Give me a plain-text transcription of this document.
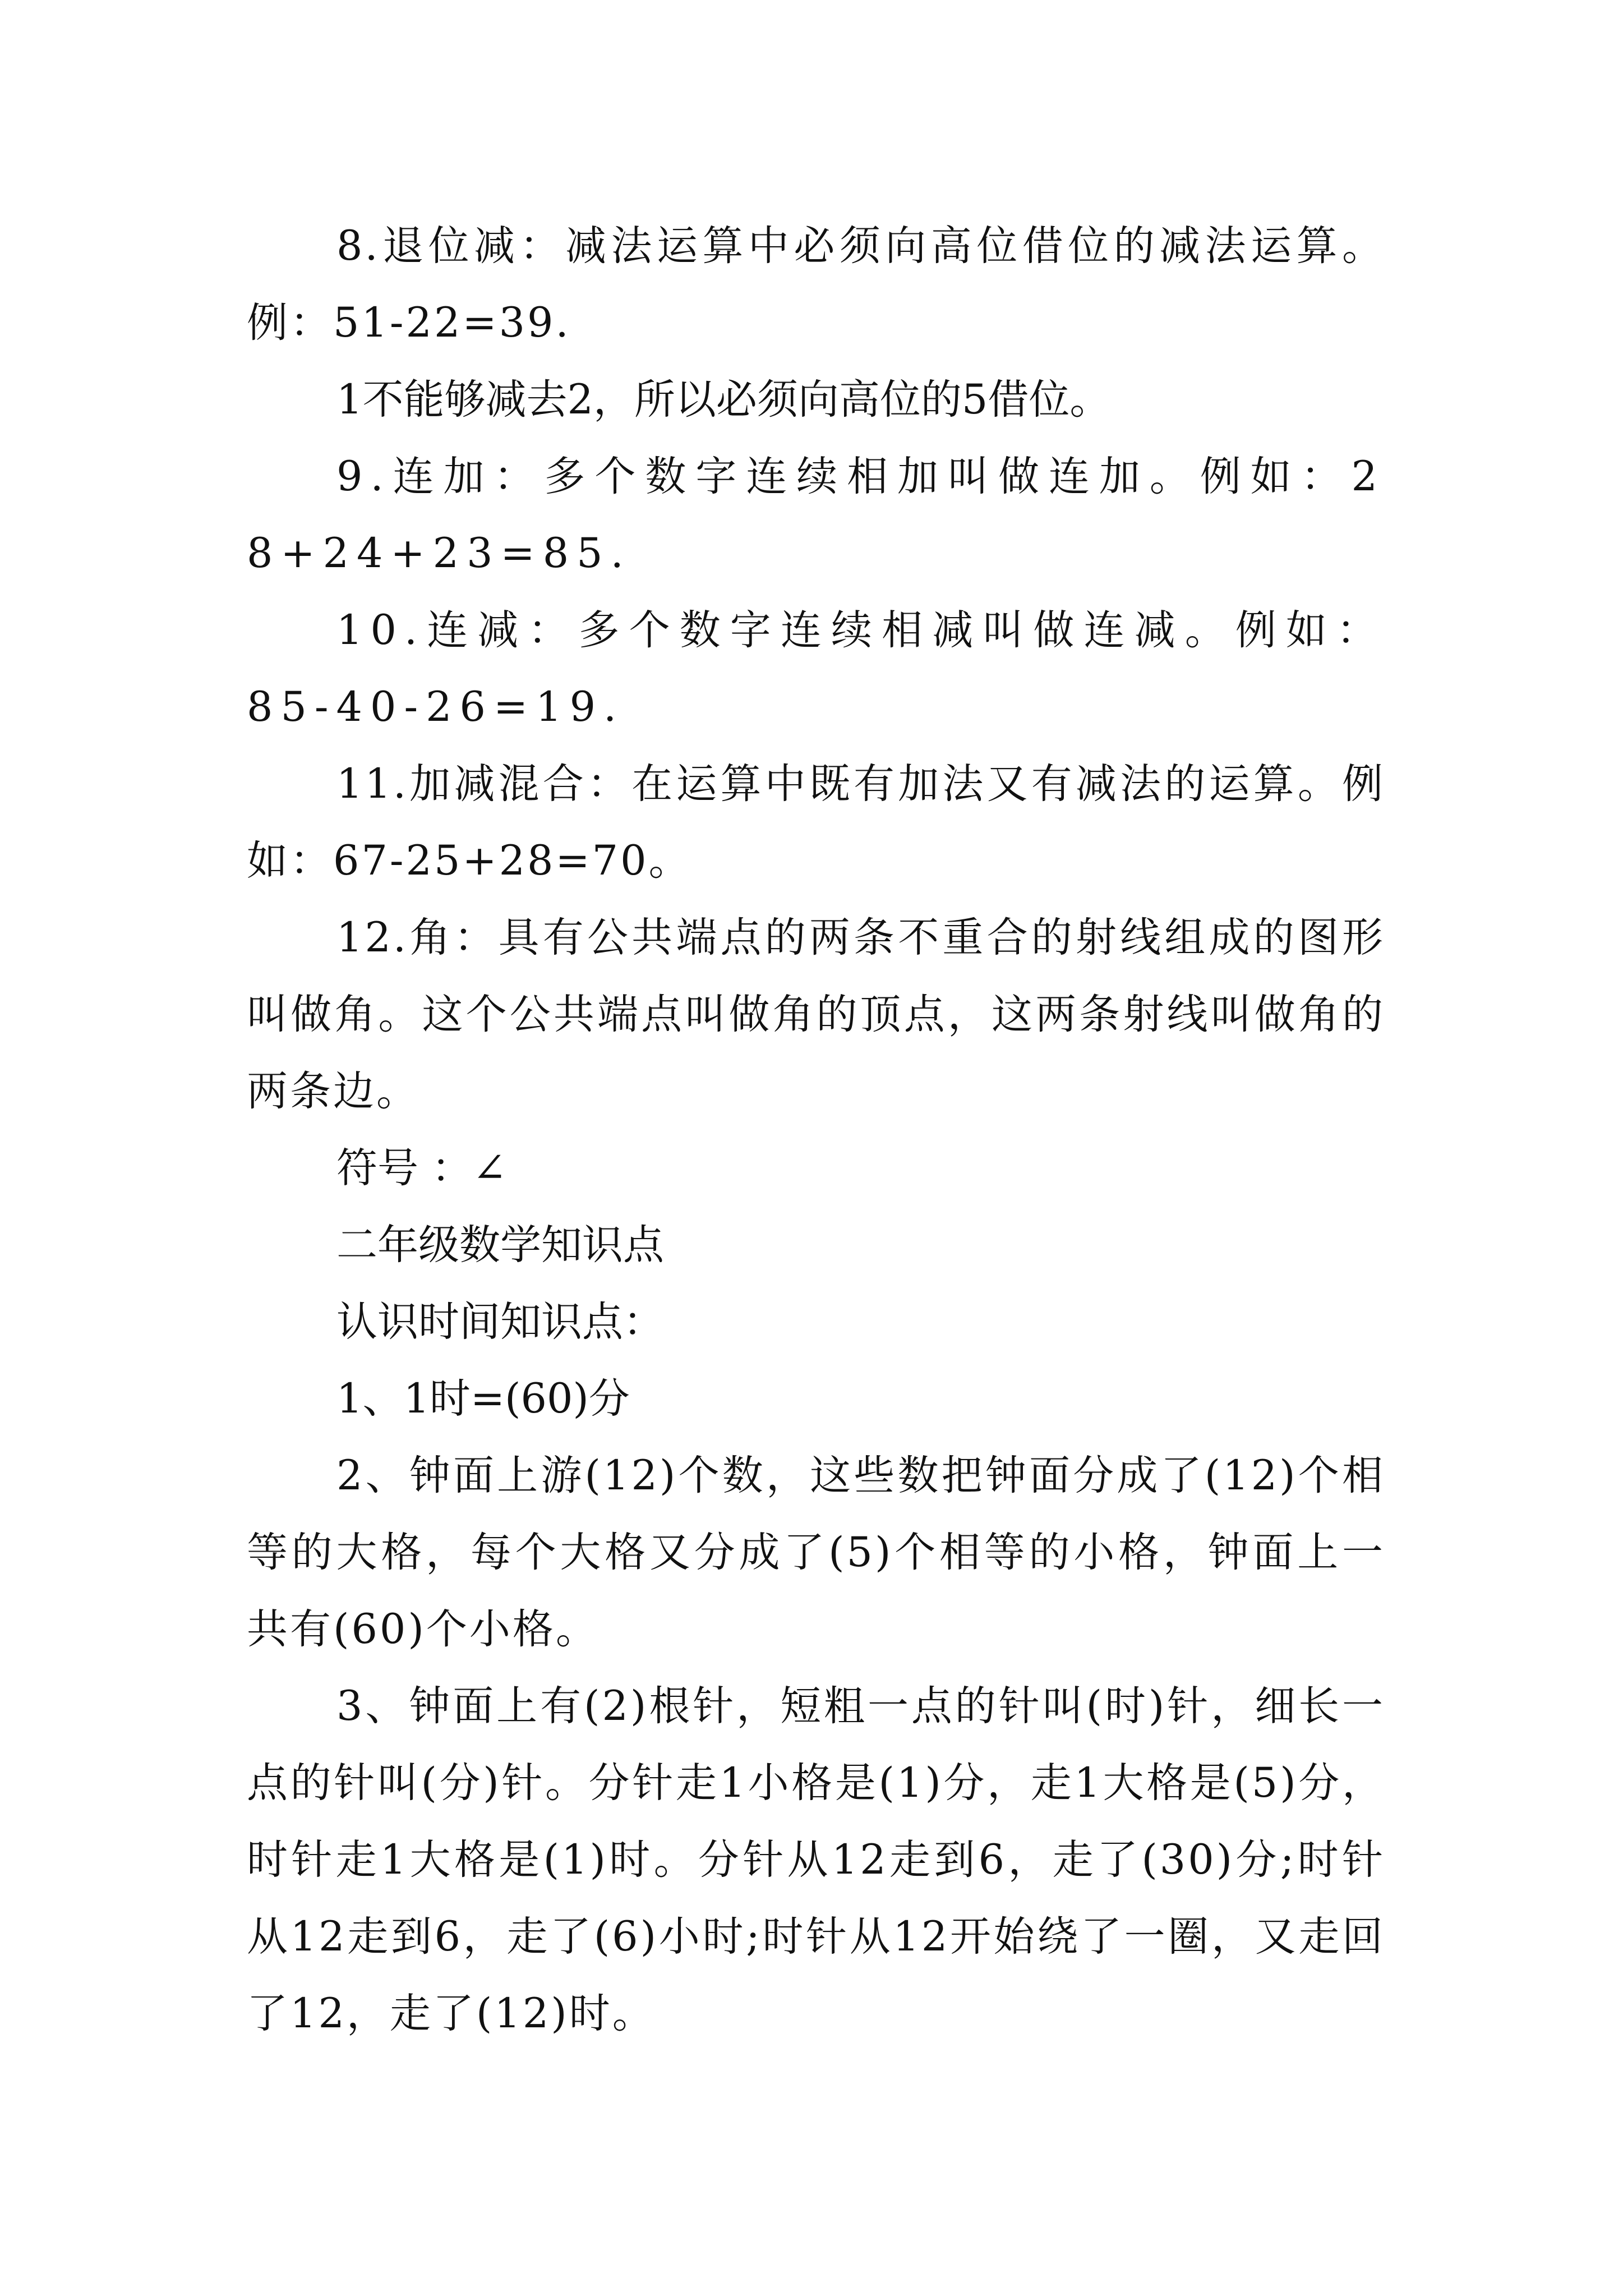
8.退位减：减法运算中必须向高位借位的减法运算。例：51-22=39.

1不能够减去2，所以必须向高位的5借位。

9.连加：多个数字连续相加叫做连加。例如：28+24+23=85.

10.连减：多个数字连续相减叫做连减。例如：85-40-26=19.

11.加减混合：在运算中既有加法又有减法的运算。例如：67-25+28=70。

12.角：具有公共端点的两条不重合的射线组成的图形叫做角。这个公共端点叫做角的顶点，这两条射线叫做角的两条边。

符号 ：∠

二年级数学知识点

认识时间知识点：

1、1时=(60)分

2、钟面上游(12)个数，这些数把钟面分成了(12)个相等的大格，每个大格又分成了(5)个相等的小格，钟面上一共有(60)个小格。

3、钟面上有(2)根针，短粗一点的针叫(时)针，细长一点的针叫(分)针。分针走1小格是(1)分，走1大格是(5)分，时针走1大格是(1)时。分针从12走到6，走了(30)分;时针从12走到6，走了(6)小时;时针从12开始绕了一圈，又走回了12，走了(12)时。
